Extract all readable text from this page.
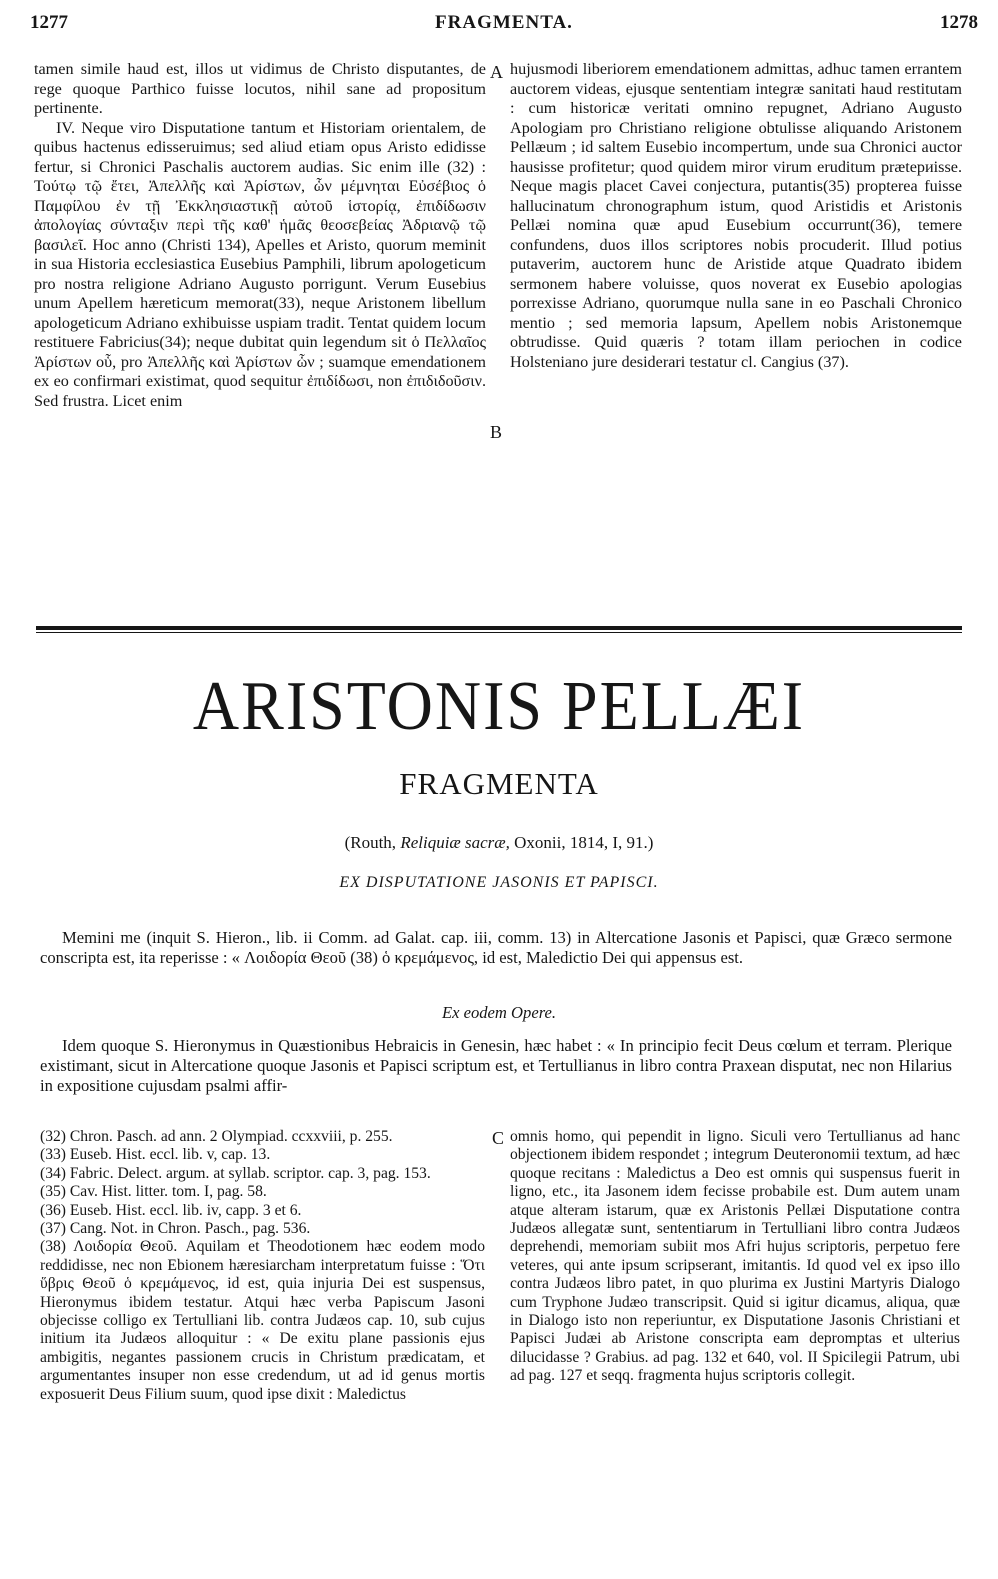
1277	FRAGMENTA.	1278

tamen simile haud est, illos ut vidimus de Christo disputantes, de rege quoque Parthico fuisse locutos, nihil sane ad propositum pertinente.

IV. Neque viro Disputatione tantum et Historiam orientalem, de quibus hactenus edisseruimus; sed aliud etiam opus Aristo edidisse fertur, si Chronici Paschalis auctorem audias. Sic enim ille (32) : Τούτῳ τῷ ἔτει, Ἀπελλῆς καὶ Ἀρίστων, ὧν μέμνηται Εὐσέβιος ὁ Παμφίλου ἐν τῇ Ἐκκλησιαστικῇ αὐτοῦ ἱστορίᾳ, ἐπιδίδωσιν ἀπολογίας σύνταξιν περὶ τῆς καθ' ἡμᾶς θεοσεβείας Ἀδριανῷ τῷ βασιλεῖ. Hoc anno (Christi 134), Apelles et Aristo, quorum meminit in sua Historia ecclesiastica Eusebius Pamphili, librum apologeticum pro nostra religione Adriano Augusto porrigunt. Verum Eusebius unum Apellem hæreticum memorat(33), neque Aristonem libellum apologeticum Adriano exhibuisse uspiam tradit. Tentat quidem locum restituere Fabricius(34); neque dubitat quin legendum sit ὁ Πελλαῖος Ἀρίστων οὗ, pro Ἀπελλῆς καὶ Ἀρίστων ὧν ; suamque emendationem ex eo confirmari existimat, quod sequitur ἐπιδίδωσι, non ἐπιδιδοῦσιν. Sed frustra. Licet enim

A hujusmodi liberiorem emendationem admittas, adhuc tamen errantem auctorem videas, ejusque sententiam integræ sanitati haud restitutam : cum historicæ veritati omnino repugnet, Adriano Augusto Apologiam pro Christiano religione obtulisse aliquando Aristonem Pellæum ; id saltem Eusebio incompertum, unde sua Chronici auctor hausisse profitetur; quod quidem miror virum eruditum prætериisse. Neque magis placet Cavei conjectura, putantis(35) propterea fuisse hallucinatum chronographum istum, quod Aristidis et Aristonis Pellæi nomina quæ apud Eusebium occurrunt(36), temere confundens, duos illos scriptores nobis procuderit. Illud potius putaverim, auctorem hunc de Aristide atque Quadrato ibidem sermonem habere voluisse, quos noverat ex Eusebio apologias porrexisse Adriano, quorumque nulla sane in eo Paschali Chronico mentio ; sed memoria lapsum, Apellem nobis Aristonemque obtrudisse. Quid quæris ? totam illam periochen in codice Holsteniano jure desiderari testatur cl. Cangius (37).

B
ARISTONIS PELLÆI
FRAGMENTA
(Routh, Reliquiæ sacræ, Oxonii, 1814, I, 91.)
EX DISPUTATIONE JASONIS ET PAPISCI.

Memini me (inquit S. Hieron., lib. ii Comm. ad Galat. cap. iii, comm. 13) in Altercatione Jasonis et Papisci, quæ Græco sermone conscripta est, ita reperisse : « Λοιδορία Θεοῦ (38) ὁ κρεμάμενος, id est, Maledictio Dei qui appensus est.

Ex eodem Opere.

Idem quoque S. Hieronymus in Quæstionibus Hebraicis in Genesin, hæc habet : « In principio fecit Deus cœlum et terram. Plerique existimant, sicut in Altercatione quoque Jasonis et Papisci scriptum est, et Tertullianus in libro contra Praxean disputat, nec non Hilarius in expositione cujusdam psalmi affir-

(32) Chron. Pasch. ad ann. 2 Olympiad. ccxxviii, p. 255.

(33) Euseb. Hist. eccl. lib. v, cap. 13.

(34) Fabric. Delect. argum. at syllab. scriptor. cap. 3, pag. 153.

(35) Cav. Hist. litter. tom. I, pag. 58.

(36) Euseb. Hist. eccl. lib. iv, capp. 3 et 6.

(37) Cang. Not. in Chron. Pasch., pag. 536.

(38) Λοιδορία Θεοῦ. Aquilam et Theodotionem hæc eodem modo reddidisse, nec non Ebionem hæresiarcham interpretatum fuisse : Ὅτι ὕβρις Θεοῦ ὁ κρεμάμενος, id est, quia injuria Dei est suspensus, Hieronymus ibidem testatur. Atqui hæc verba Papiscum Jasoni objecisse colligo ex Tertulliani lib. contra Judæos cap. 10, sub cujus initium ita Judæos alloquitur : « De exitu plane passionis ejus ambigitis, negantes passionem crucis in Christum prædicatam, et argumentantes insuper non esse credendum, ut ad id genus mortis exposuerit Deus Filium suum, quod ipse dixit : Maledictus

C omnis homo, qui pependit in ligno. Siculi vero Tertullianus ad hanc objectionem ibidem respondet ; integrum Deuteronomii textum, ad hæc quoque recitans : Maledictus a Deo est omnis qui suspensus fuerit in ligno, etc., ita Jasonem idem fecisse probabile est. Dum autem unam atque alteram istarum, quæ ex Aristonis Pellæi Disputatione contra Judæos allegatæ sunt, sententiarum in Tertulliani libro contra Judæos deprehendi, memoriam subiit mos Afri hujus scriptoris, perpetuo fere veteres, qui ante ipsum scripserant, imitantis. Id quod vel ex ipso illo contra Judæos libro patet, in quo plurima ex Justini Martyris Dialogo cum Tryphone Judæo transcripsit. Quid si igitur dicamus, aliqua, quæ in Dialogo isto non reperiuntur, ex Disputatione Jasonis Christiani et Papisci Judæi ab Aristone conscripta eam depromptas et ulterius dilucidasse ? Grabius. ad pag. 132 et 640, vol. II Spicilegii Patrum, ubi ad pag. 127 et seqq. fragmenta hujus scriptoris collegit.
